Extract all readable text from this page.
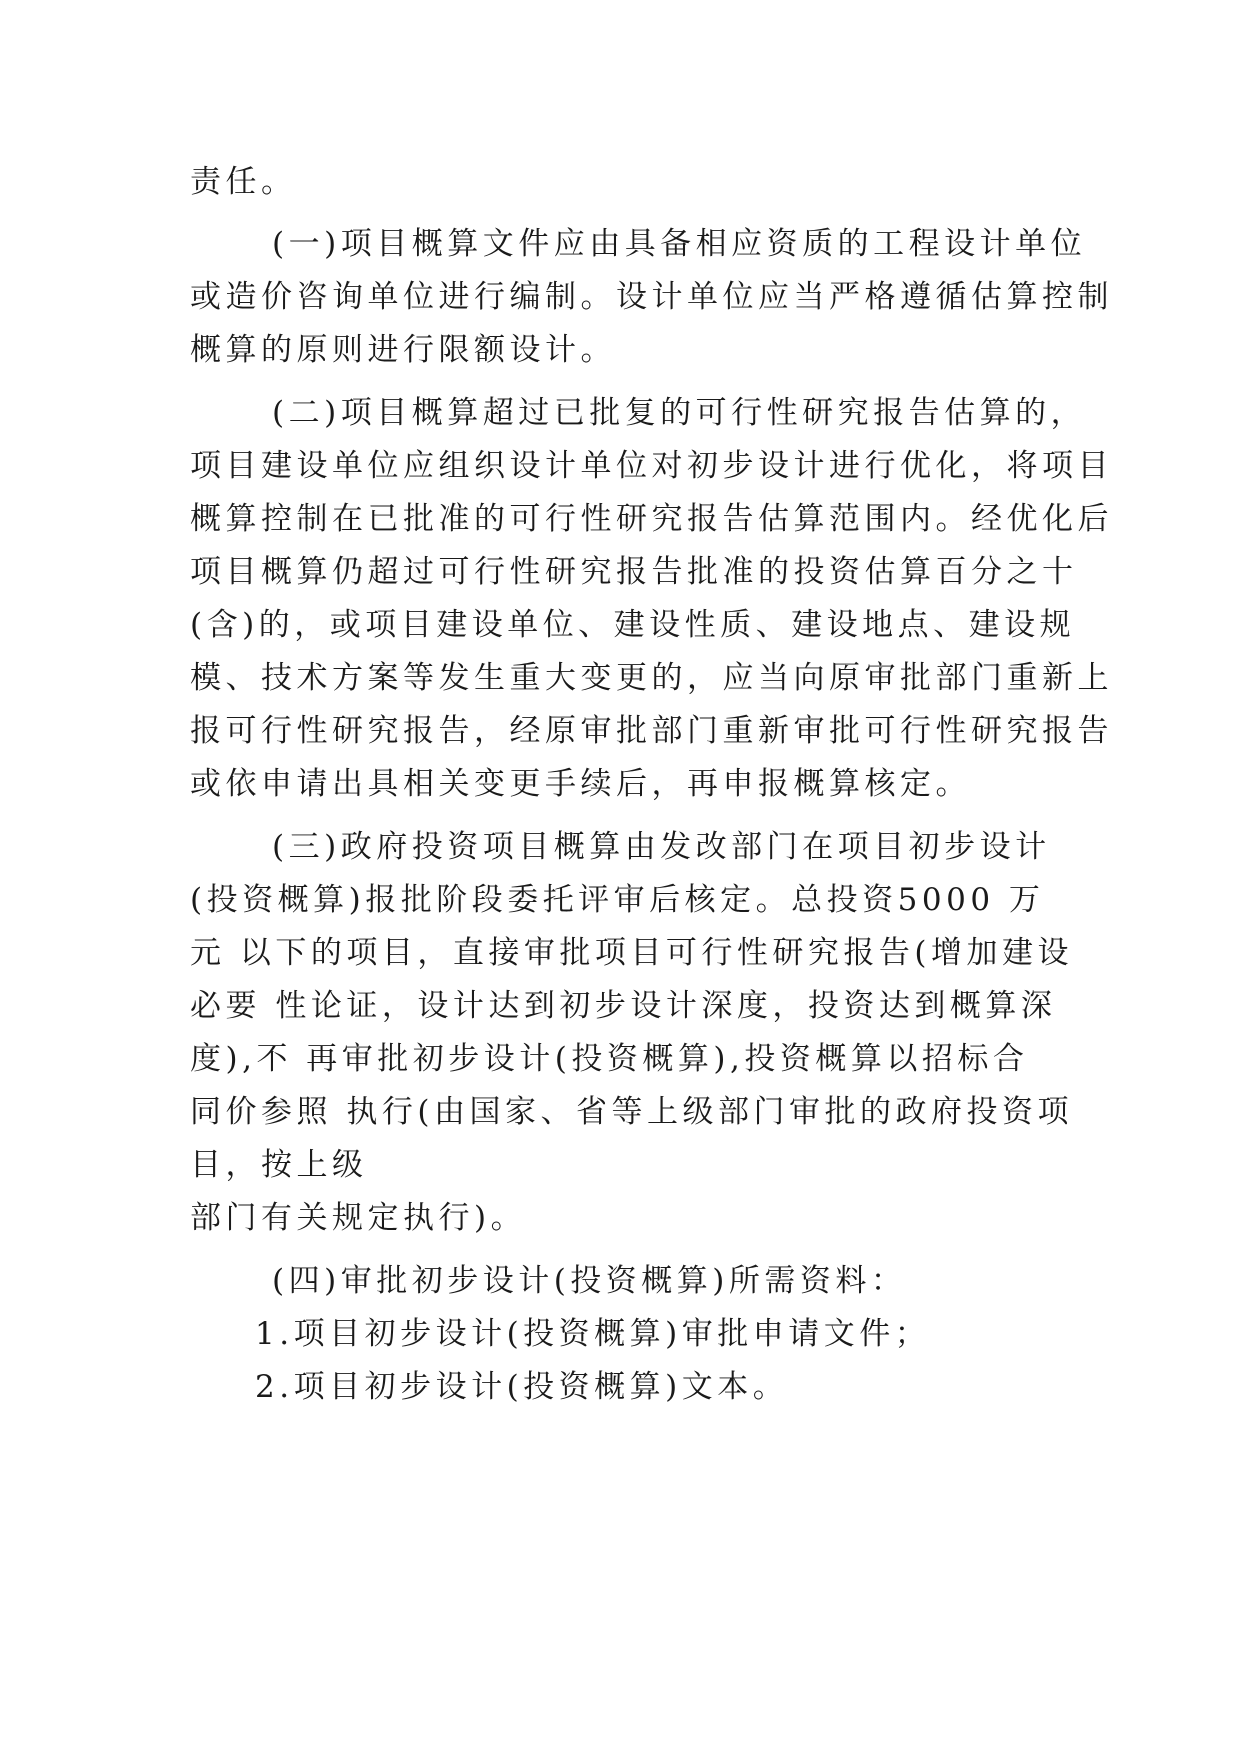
责任。

(一)项目概算文件应由具备相应资质的工程设计单位

或造价咨询单位进行编制。设计单位应当严格遵循估算控制

概算的原则进行限额设计。

(二)项目概算超过已批复的可行性研究报告估算的，

项目建设单位应组织设计单位对初步设计进行优化，将项目

概算控制在已批准的可行性研究报告估算范围内。经优化后

项目概算仍超过可行性研究报告批准的投资估算百分之十

(含)的，或项目建设单位、建设性质、建设地点、建设规

模、技术方案等发生重大变更的，应当向原审批部门重新上

报可行性研究报告，经原审批部门重新审批可行性研究报告

或依申请出具相关变更手续后，再申报概算核定。

(三)政府投资项目概算由发改部门在项目初步设计

(投资概算)报批阶段委托评审后核定。总投资5000 万

元 以下的项目，直接审批项目可行性研究报告(增加建设

必要 性论证，设计达到初步设计深度，投资达到概算深

度),不 再审批初步设计(投资概算),投资概算以招标合

同价参照 执行(由国家、省等上级部门审批的政府投资项

目，按上级

部门有关规定执行)。

(四)审批初步设计(投资概算)所需资料：

1.项目初步设计(投资概算)审批申请文件；

2.项目初步设计(投资概算)文本。
